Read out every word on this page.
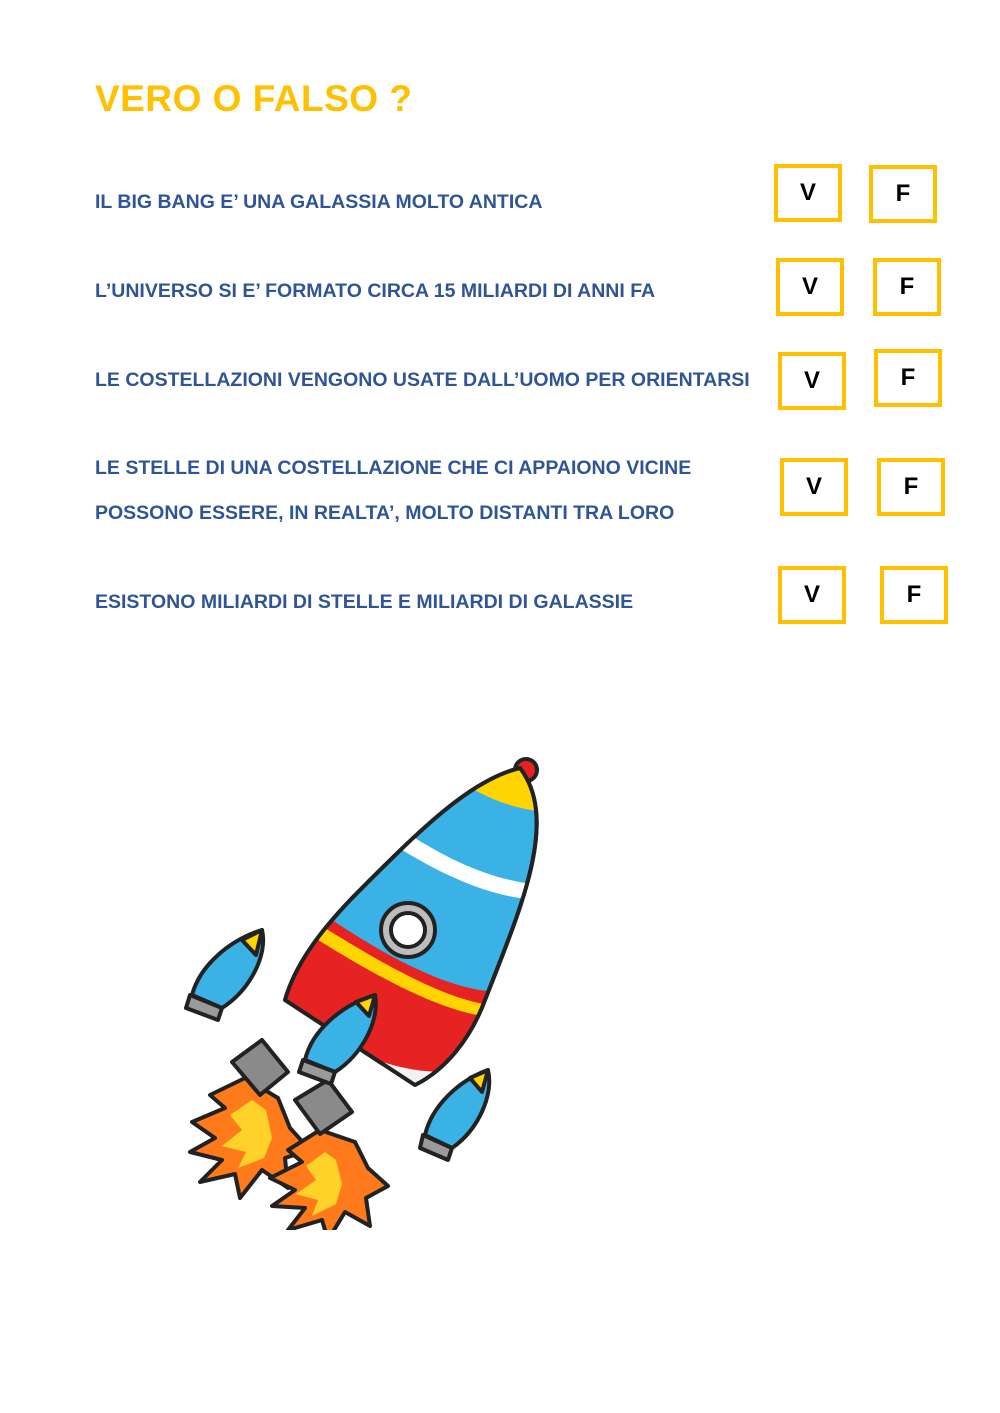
VERO O FALSO ?
IL BIG BANG E’ UNA GALASSIA MOLTO ANTICA	V	F
L’UNIVERSO SI E’ FORMATO CIRCA 15 MILIARDI DI ANNI FA	V	F
LE COSTELLAZIONI VENGONO USATE DALL’UOMO PER ORIENTARSI	V	F
LE STELLE DI UNA COSTELLAZIONE CHE CI APPAIONO VICINE
POSSONO ESSERE, IN REALTA’, MOLTO DISTANTI TRA LORO
V	F
ESISTONO MILIARDI DI STELLE E MILIARDI DI GALASSIE	V	F
